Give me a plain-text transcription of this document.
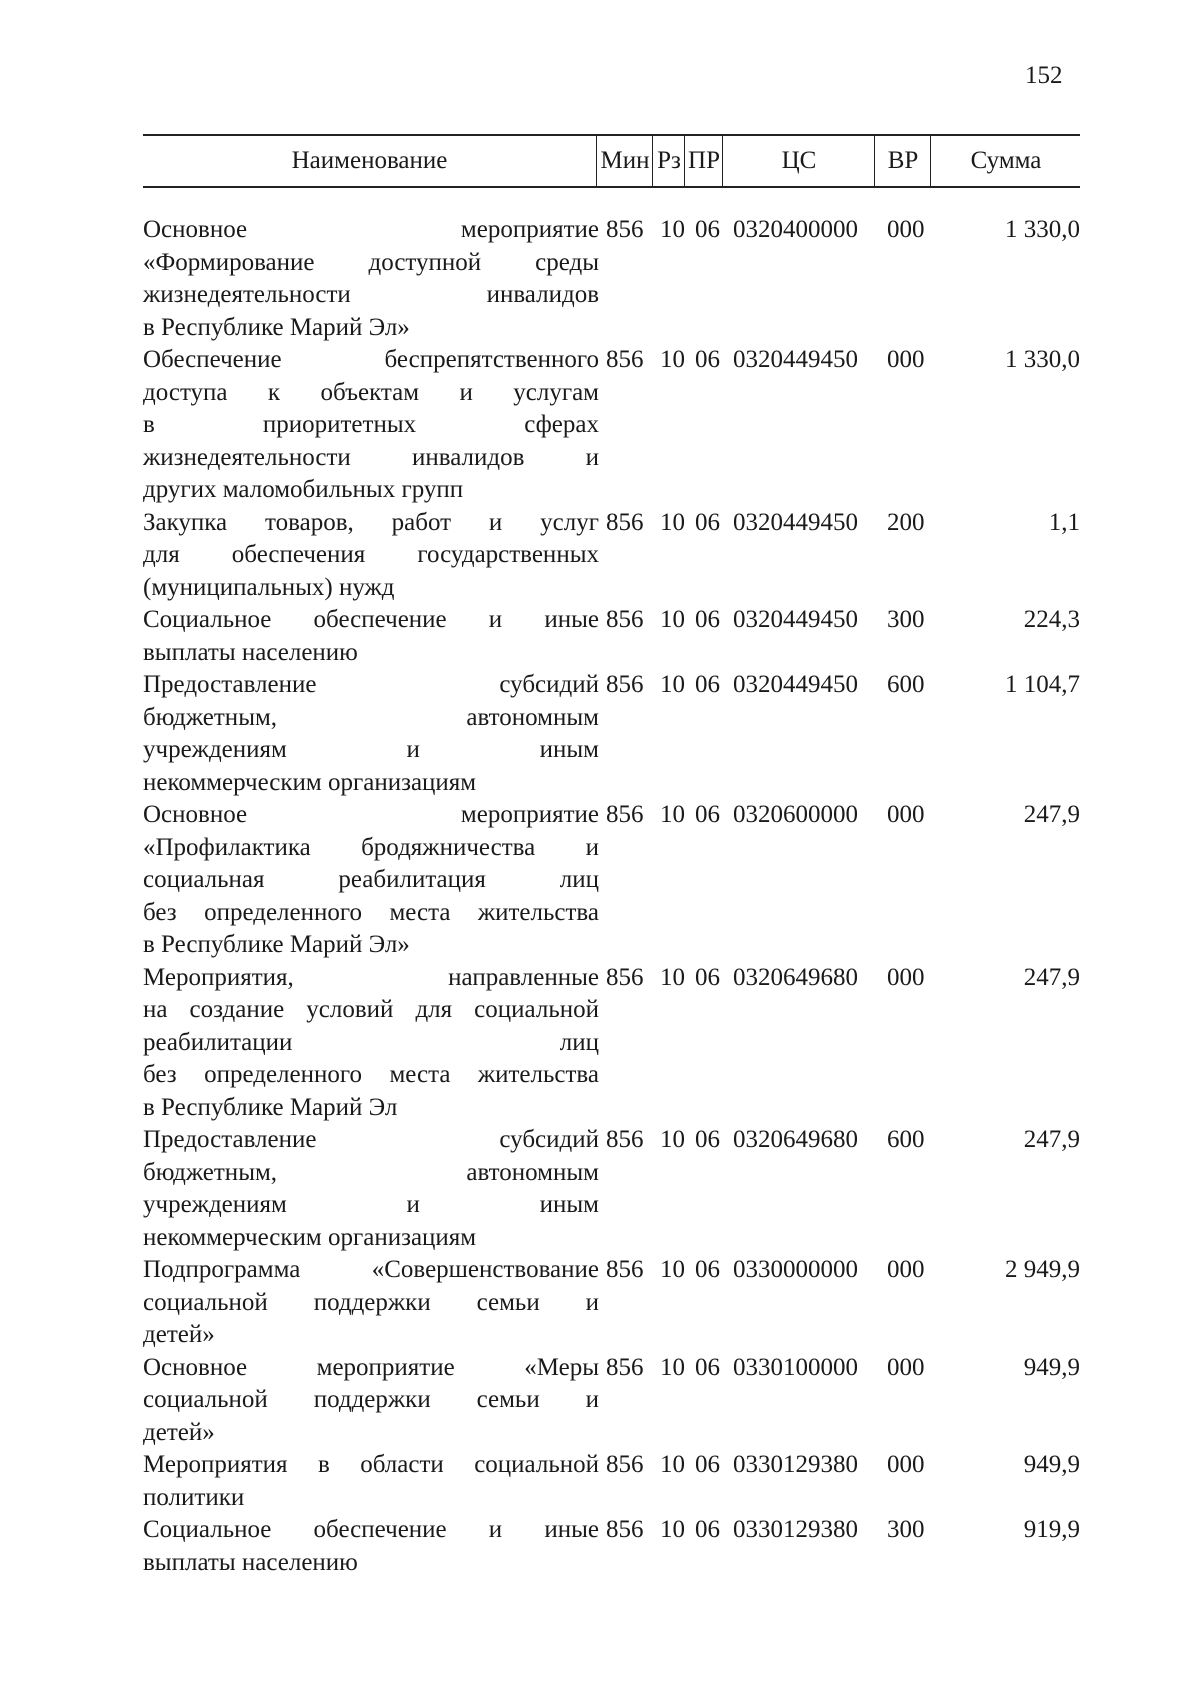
152
Наименование	Мин Рз ПР	ЦС	ВР	Сумма
Основное мероприятие
«Формирование доступной среды
жизнедеятельности инвалидов
в Республике Марий Эл»
856 10 06 0320400000 000	1 330,0
Обеспечение беспрепятственного
доступа к объектам и услугам
в приоритетных сферах
жизнедеятельности инвалидов и
других маломобильных групп
856 10 06 0320449450 000	1 330,0
Закупка товаров, работ и услуг
для обеспечения государственных
(муниципальных) нужд
856 10 06 0320449450 200	1,1
Социальное обеспечение и иные
выплаты населению
856 10 06 0320449450 300	224,3
Предоставление субсидий
бюджетным, автономным
учреждениям и иным
некоммерческим организациям
856 10 06 0320449450 600	1 104,7
Основное мероприятие
«Профилактика бродяжничества и
социальная реабилитация лиц
без определенного места жительства
в Республике Марий Эл»
856 10 06 0320600000 000	247,9
Мероприятия, направленные
на создание условий для социальной
реабилитации лиц
без определенного места жительства
в Республике Марий Эл
856 10 06 0320649680 000	247,9
Предоставление субсидий
бюджетным, автономным
учреждениям и иным
некоммерческим организациям
856 10 06 0320649680 600	247,9
Подпрограмма «Совершенствование
социальной поддержки семьи и
детей»
856 10 06 0330000000 000	2 949,9
Основное мероприятие «Меры
социальной поддержки семьи и
детей»
856 10 06 0330100000 000	949,9
Мероприятия в области социальной
политики
856 10 06 0330129380 000	949,9
Социальное обеспечение и иные
выплаты населению
856 10 06 0330129380 300	919,9
